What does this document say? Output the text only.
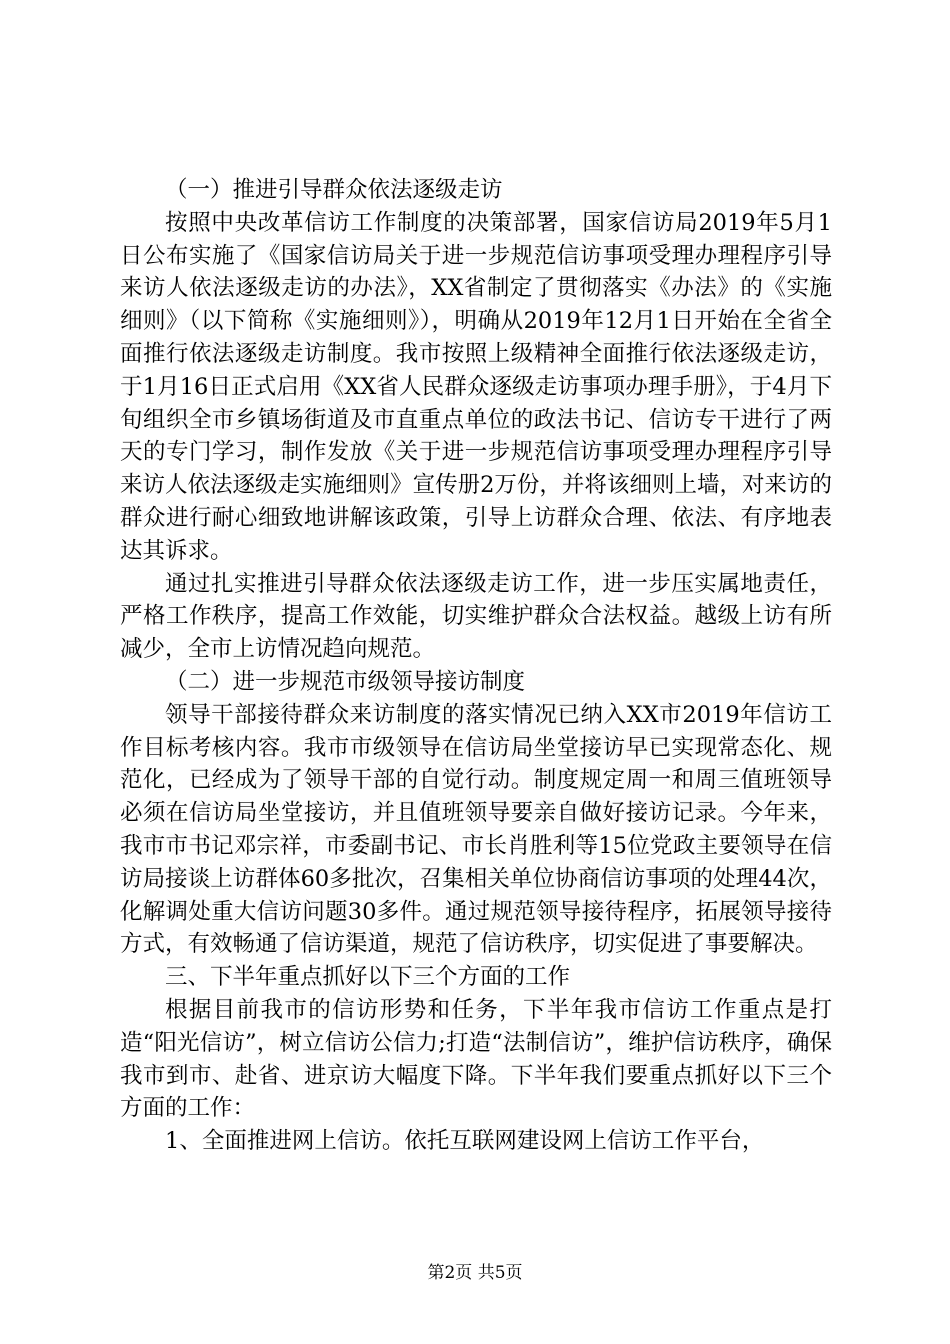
（一）推进引导群众依法逐级走访

按照中央改革信访工作制度的决策部署，国家信访局2019年5月1日公布实施了《国家信访局关于进一步规范信访事项受理办理程序引导来访人依法逐级走访的办法》，XX省制定了贯彻落实《办法》的《实施细则》（以下简称《实施细则》），明确从2019年12月1日开始在全省全面推行依法逐级走访制度。我市按照上级精神全面推行依法逐级走访，于1月16日正式启用《XX省人民群众逐级走访事项办理手册》，于4月下旬组织全市乡镇场街道及市直重点单位的政法书记、信访专干进行了两天的专门学习，制作发放《关于进一步规范信访事项受理办理程序引导来访人依法逐级走实施细则》宣传册2万份，并将该细则上墙，对来访的群众进行耐心细致地讲解该政策，引导上访群众合理、依法、有序地表达其诉求。

通过扎实推进引导群众依法逐级走访工作，进一步压实属地责任，严格工作秩序，提高工作效能，切实维护群众合法权益。越级上访有所减少，全市上访情况趋向规范。

（二）进一步规范市级领导接访制度

领导干部接待群众来访制度的落实情况已纳入XX市2019年信访工作目标考核内容。我市市级领导在信访局坐堂接访早已实现常态化、规范化，已经成为了领导干部的自觉行动。制度规定周一和周三值班领导必须在信访局坐堂接访，并且值班领导要亲自做好接访记录。今年来，我市市书记邓宗祥，市委副书记、市长肖胜利等15位党政主要领导在信访局接谈上访群体60多批次，召集相关单位协商信访事项的处理44次，化解调处重大信访问题30多件。通过规范领导接待程序，拓展领导接待方式，有效畅通了信访渠道，规范了信访秩序，切实促进了事要解决。

三、下半年重点抓好以下三个方面的工作

根据目前我市的信访形势和任务，下半年我市信访工作重点是打造“阳光信访”，树立信访公信力;打造“法制信访”，维护信访秩序，确保我市到市、赴省、进京访大幅度下降。下半年我们要重点抓好以下三个方面的工作：

1、全面推进网上信访。依托互联网建设网上信访工作平台，

第2页 共5页
